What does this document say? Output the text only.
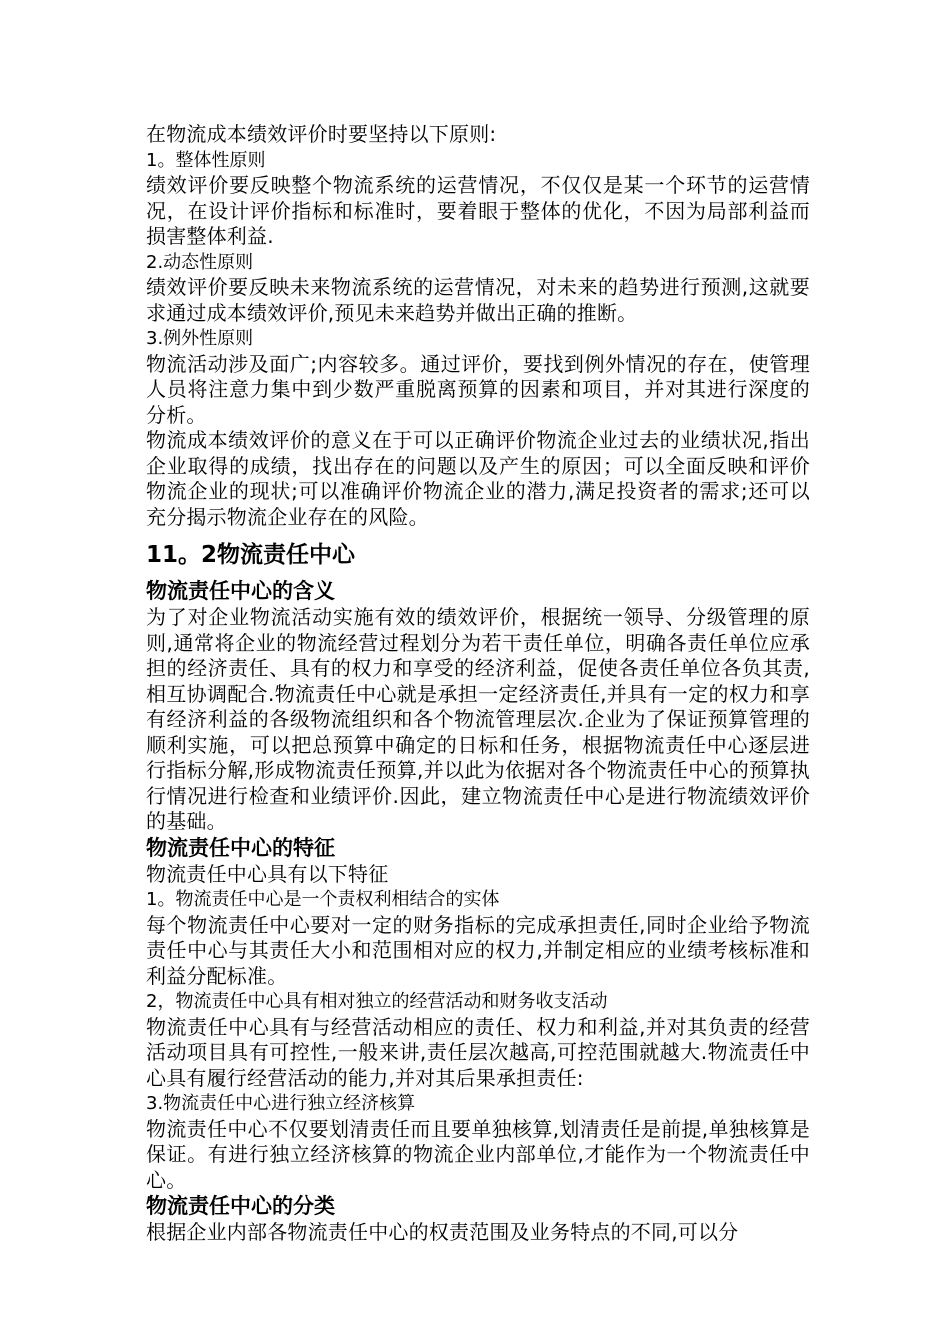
在物流成本绩效评价时要坚持以下原则:

1。整体性原则

绩效评价要反映整个物流系统的运营情况，不仅仅是某一个环节的运营情况，在设计评价指标和标准时，要着眼于整体的优化，不因为局部利益而损害整体利益.

2.动态性原则

绩效评价要反映未来物流系统的运营情况，对未来的趋势进行预测,这就要求通过成本绩效评价,预见未来趋势并做出正确的推断。

3.例外性原则

物流活动涉及面广;内容较多。通过评价，要找到例外情况的存在，使管理人员将注意力集中到少数严重脱离预算的因素和项目，并对其进行深度的分析。

物流成本绩效评价的意义在于可以正确评价物流企业过去的业绩状况,指出企业取得的成绩，找出存在的问题以及产生的原因；可以全面反映和评价物流企业的现状;可以准确评价物流企业的潜力,满足投资者的需求;还可以充分揭示物流企业存在的风险。

11。2物流责任中心
物流责任中心的含义

为了对企业物流活动实施有效的绩效评价，根据统一领导、分级管理的原则,通常将企业的物流经营过程划分为若干责任单位，明确各责任单位应承担的经济责任、具有的权力和享受的经济利益，促使各责任单位各负其责,相互协调配合.物流责任中心就是承担一定经济责任,并具有一定的权力和享有经济利益的各级物流组织和各个物流管理层次.企业为了保证预算管理的顺利实施，可以把总预算中确定的日标和任务，根据物流责任中心逐层进行指标分解,形成物流责任预算,并以此为依据对各个物流责任中心的预算执行情况进行检查和业绩评价.因此，建立物流责任中心是进行物流绩效评价的基础。

物流责任中心的特征

物流责任中心具有以下特征

1。物流责任中心是一个责权利相结合的实体

每个物流责任中心要对一定的财务指标的完成承担责任,同时企业给予物流责任中心与其责任大小和范围相对应的权力,并制定相应的业绩考核标准和利益分配标准。

2，物流责任中心具有相对独立的经营活动和财务收支活动

物流责任中心具有与经营活动相应的责任、权力和利益,并对其负责的经营活动项目具有可控性,一般来讲,责任层次越高,可控范围就越大.物流责任中心具有履行经营活动的能力,并对其后果承担责任:

3.物流责任中心进行独立经济核算

物流责任中心不仅要划清责任而且要单独核算,划清责任是前提,单独核算是保证。有进行独立经济核算的物流企业内部单位,才能作为一个物流责任中心。

物流责任中心的分类

根据企业内部各物流责任中心的权责范围及业务特点的不同,可以分
